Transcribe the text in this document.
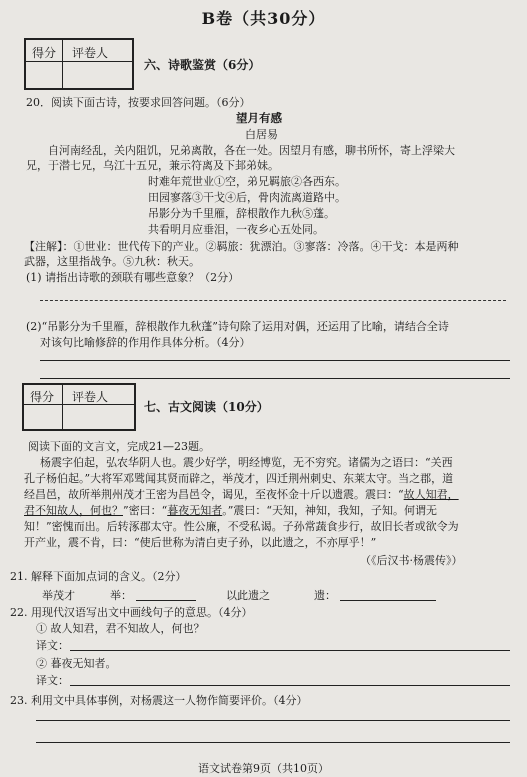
B卷（共30分）
得分 评卷人
六、诗歌鉴赏（6分）
20．阅读下面古诗，按要求回答问题。（6分）
望月有感
白居易
自河南经乱，关内阻饥，兄弟离散，各在一处。因望月有感，聊书所怀，寄上浮梁大
兄，于潜七兄，乌江十五兄，兼示符离及下邽弟妹。
时难年荒世业①空，弟兄羁旅②各西东。
田园寥落③干戈④后，骨肉流离道路中。
吊影分为千里雁，辞根散作九秋⑤蓬。
共看明月应垂泪，一夜乡心五处同。
【注解】：①世业：世代传下的产业。②羁旅：犹漂泊。③寥落：冷落。④干戈：本是两种
武器，这里指战争。⑤九秋：秋天。
(1) 请指出诗歌的颈联有哪些意象？（2分）
(2)“吊影分为千里雁，辞根散作九秋蓬”诗句除了运用对偶，还运用了比喻，请结合全诗
对该句比喻修辞的作用作具体分析。（4分）
得分 评卷人
七、古文阅读（10分）
阅读下面的文言文，完成21—23题。
杨震字伯起，弘农华阴人也。震少好学，明经博览，无不穷究。诸儒为之语曰：“关西
孔子杨伯起。”大将军邓骘闻其贤而辟之，举茂才，四迁荆州刺史、东莱太守。当之郡，道
经昌邑，故所举荆州茂才王密为昌邑令，谒见，至夜怀金十斤以遗震。震曰：“故人知君，
君不知故人，何也？”密曰：“暮夜无知者。”震曰：“天知，神知，我知，子知。何谓无
知！”密愧而出。后转涿郡太守。性公廉，不受私谒。子孙常蔬食步行，故旧长者或欲令为
开产业，震不肯，曰：“使后世称为清白吏子孙，以此遗之，不亦厚乎！”
（《后汉书·杨震传》）
21. 解释下面加点词的含义。（2分）
举茂才	举：	以此遗之	遗：
22. 用现代汉语写出文中画线句子的意思。（4分）
① 故人知君，君不知故人，何也？
译文：
② 暮夜无知者。
译文：
23. 利用文中具体事例，对杨震这一人物作简要评价。（4分）
语文试卷第9页（共10页）
